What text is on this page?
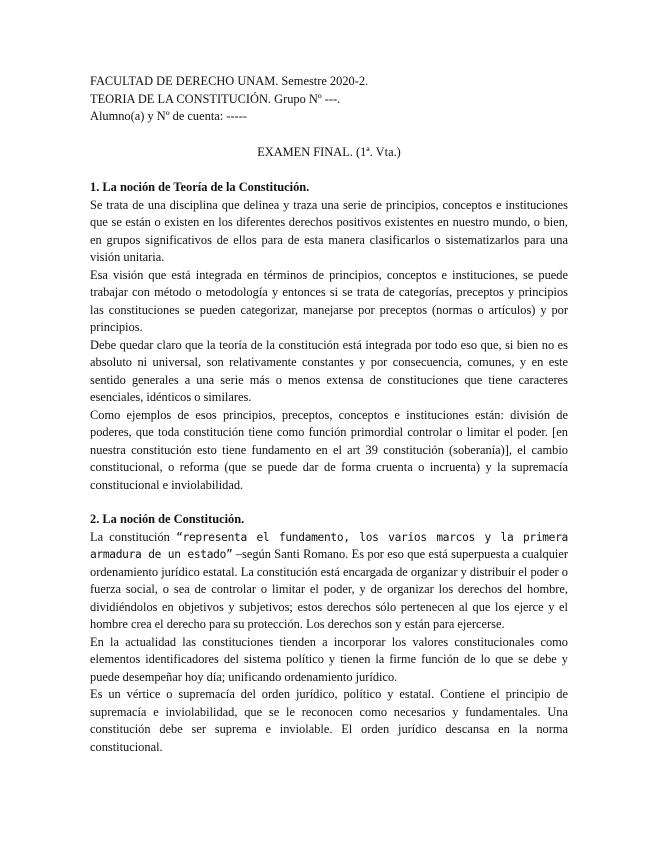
FACULTAD DE DERECHO UNAM. Semestre 2020-2.
TEORIA DE LA CONSTITUCIÓN. Grupo Nº ---.
Alumno(a) y Nº de cuenta: -----
EXAMEN FINAL. (1ª. Vta.)
1. La noción de Teoría de la Constitución.

Se trata de una disciplina que delinea y traza una serie de principios, conceptos e instituciones que se están o existen en los diferentes derechos positivos existentes en nuestro mundo, o bien, en grupos significativos de ellos para de esta manera clasificarlos o sistematizarlos para una visión unitaria.

Esa visión que está integrada en términos de principios, conceptos e instituciones, se puede trabajar con método o metodología y entonces si se trata de categorías, preceptos y principios las constituciones se pueden categorizar, manejarse por preceptos (normas o artículos) y por principios.

Debe quedar claro que la teoría de la constitución está integrada por todo eso que, si bien no es absoluto ni universal, son relativamente constantes y por consecuencia, comunes, y en este sentido generales a una serie más o menos extensa de constituciones que tiene caracteres esenciales, idénticos o similares.

Como ejemplos de esos principios, preceptos, conceptos e instituciones están: división de poderes, que toda constitución tiene como función primordial controlar o limitar el poder. [en nuestra constitución esto tiene fundamento en el art 39 constitución (soberanía)], el cambio constitucional, o reforma (que se puede dar de forma cruenta o incruenta) y la supremacía constitucional e inviolabilidad.

2. La noción de Constitución.

La constitución “representa el fundamento, los varios marcos y la primera armadura de un estado” –según Santi Romano. Es por eso que está superpuesta a cualquier ordenamiento jurídico estatal. La constitución está encargada de organizar y distribuir el poder o fuerza social, o sea de controlar o limitar el poder, y de organizar los derechos del hombre, dividiéndolos en objetivos y subjetivos; estos derechos sólo pertenecen al que los ejerce y el hombre crea el derecho para su protección. Los derechos son y están para ejercerse.

En la actualidad las constituciones tienden a incorporar los valores constitucionales como elementos identificadores del sistema político y tienen la firme función de lo que se debe y puede desempeñar hoy día; unificando ordenamiento jurídico.

Es un vértice o supremacía del orden jurídico, político y estatal. Contiene el principio de supremacía e inviolabilidad, que se le reconocen como necesarios y fundamentales. Una constitución debe ser suprema e inviolable. El orden jurídico descansa en la norma constitucional.
